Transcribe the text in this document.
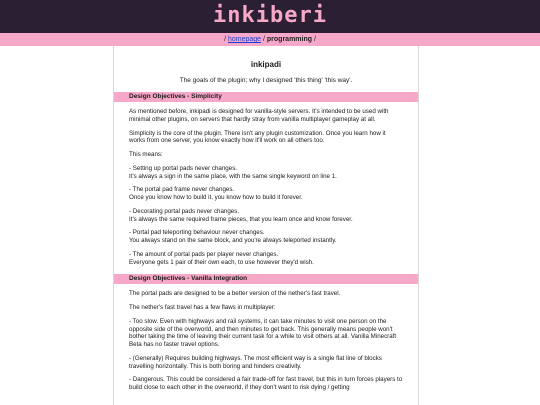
inkiberi
/ homepage / programming /
inkipadi
The goals of the plugin; why I designed 'this thing' 'this way'.
Design Objectives - Simplicity

As mentioned before, inkipadi is designed for vanilla-style servers. It's intended to be used with minimal other plugins, on servers that hardly stray from vanilla multiplayer gameplay at all.

Simplicity is the core of the plugin. There isn't any plugin customization. Once you learn how it works from one server, you know exactly how it'll work on all others too.

This means:

- Setting up portal pads never changes.
It's always a sign in the same place, with the same single keyword on line 1.

- The portal pad frame never changes.
Once you know how to build it, you know how to build it forever.

- Decorating portal pads never changes.
It's always the same required frame pieces, that you learn once and know forever.

- Portal pad teleporting behaviour never changes.
You always stand on the same block, and you're always teleported instantly.

- The amount of portal pads per player never changes.
Everyone gets 1 pair of their own each, to use however they'd wish.

Design Objectives - Vanilla Integration

The portal pads are designed to be a better version of the nether's fast travel.

The nether's fast travel has a few flaws in multiplayer:

- Too slow. Even with highways and rail systems, it can take minutes to visit one person on the opposite side of the overworld, and then minutes to get back. This generally means people won't bother taking the time of leaving their current task for a while to visit others at all. Vanilla Minecraft Beta has no faster travel options.

- (Generally) Requires building highways. The most efficient way is a single flat line of blocks travelling horizontally. This is both boring and hinders creativity.

- Dangerous. This could be considered a fair trade-off for fast travel, but this in turn forces players to build close to each other in the overworld, if they don't want to risk dying / getting
